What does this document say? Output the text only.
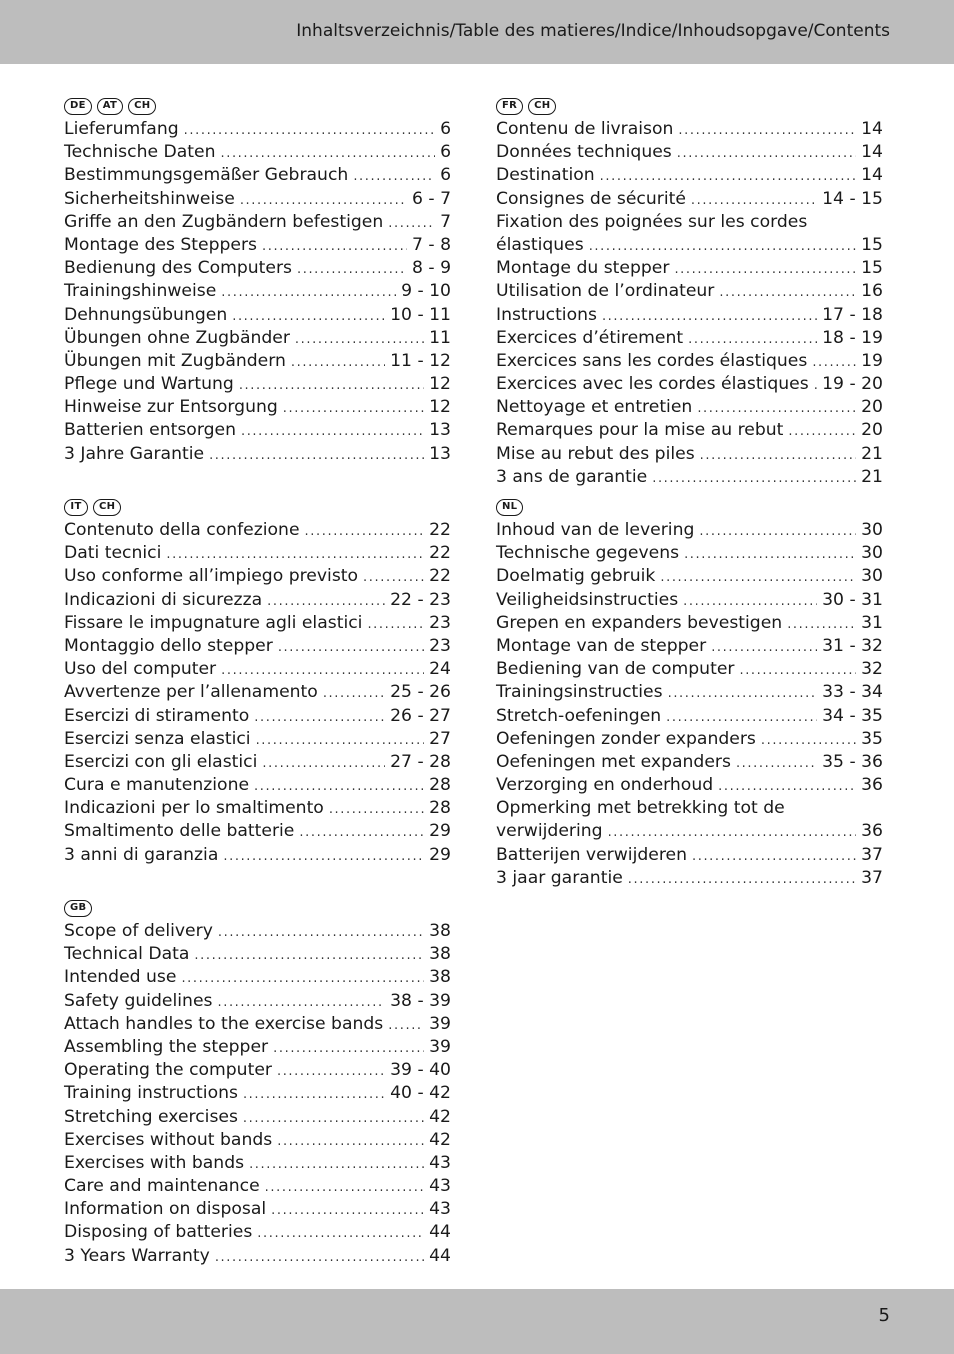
Inhaltsverzeichnis/Table des matieres/Indice/Inhoudsopgave/Contents
DE	AT	CH
Lieferumfang .....	6
Technische Daten .....	6
Bestimmungsgemäßer Gebrauch .....	6
Sicherheitshinweise .....	6 - 7
Griffe an den Zugbändern befestigen .....	7
Montage des Steppers .....	7 - 8
Bedienung des Computers .....	8 - 9
Trainingshinweise .....	9 - 10
Dehnungsübungen .....	10 - 11
Übungen ohne Zugbänder .....	11
Übungen mit Zugbändern .....	11 - 12
Pflege und Wartung .....	12
Hinweise zur Entsorgung .....	12
Batterien entsorgen .....	13
3 Jahre Garantie .....	13
IT	CH
Contenuto della confezione .....	22
Dati tecnici .....	22
Uso conforme all’impiego previsto .....	22
Indicazioni di sicurezza .....	22 - 23
Fissare le impugnature agli elastici .....	23
Montaggio dello stepper .....	23
Uso del computer .....	24
Avvertenze per l’allenamento .....	25 - 26
Esercizi di stiramento .....	26 - 27
Esercizi senza elastici .....	27
Esercizi con gli elastici .....	27 - 28
Cura e manutenzione .....	28
Indicazioni per lo smaltimento .....	28
Smaltimento delle batterie .....	29
3 anni di garanzia .....	29
GB
Scope of delivery .....	38
Technical Data .....	38
Intended use .....	38
Safety guidelines .....	38 - 39
Attach handles to the exercise bands .....	39
Assembling the stepper .....	39
Operating the computer .....	39 - 40
Training instructions .....	40 - 42
Stretching exercises .....	42
Exercises without bands .....	42
Exercises with bands .....	43
Care and maintenance .....	43
Information on disposal .....	43
Disposing of batteries .....	44
3 Years Warranty .....	44
FR	CH
Contenu de livraison .....	14
Données techniques .....	14
Destination .....	14
Consignes de sécurité .....	14 - 15
Fixation des poignées sur les cordes
élastiques .....	15
Montage du stepper .....	15
Utilisation de l’ordinateur .....	16
Instructions .....	17 - 18
Exercices d’étirement .....	18 - 19
Exercices sans les cordes élastiques .....	19
Exercices avec les cordes élastiques ..... 19 - 20
Nettoyage et entretien .....	20
Remarques pour la mise au rebut .....	20
Mise au rebut des piles .....	21
3 ans de garantie .....	21
NL
Inhoud van de levering .....	30
Technische gegevens .....	30
Doelmatig gebruik .....	30
Veiligheidsinstructies .....	30 - 31
Grepen en expanders bevestigen .....	31
Montage van de stepper .....	31 - 32
Bediening van de computer .....	32
Trainingsinstructies .....	33 - 34
Stretch-oefeningen .....	34 - 35
Oefeningen zonder expanders .....	35
Oefeningen met expanders .....	35 - 36
Verzorging en onderhoud .....	36
Opmerking met betrekking tot de
verwijdering .....	36
Batterijen verwijderen .....	37
3 jaar garantie .....	37
5
